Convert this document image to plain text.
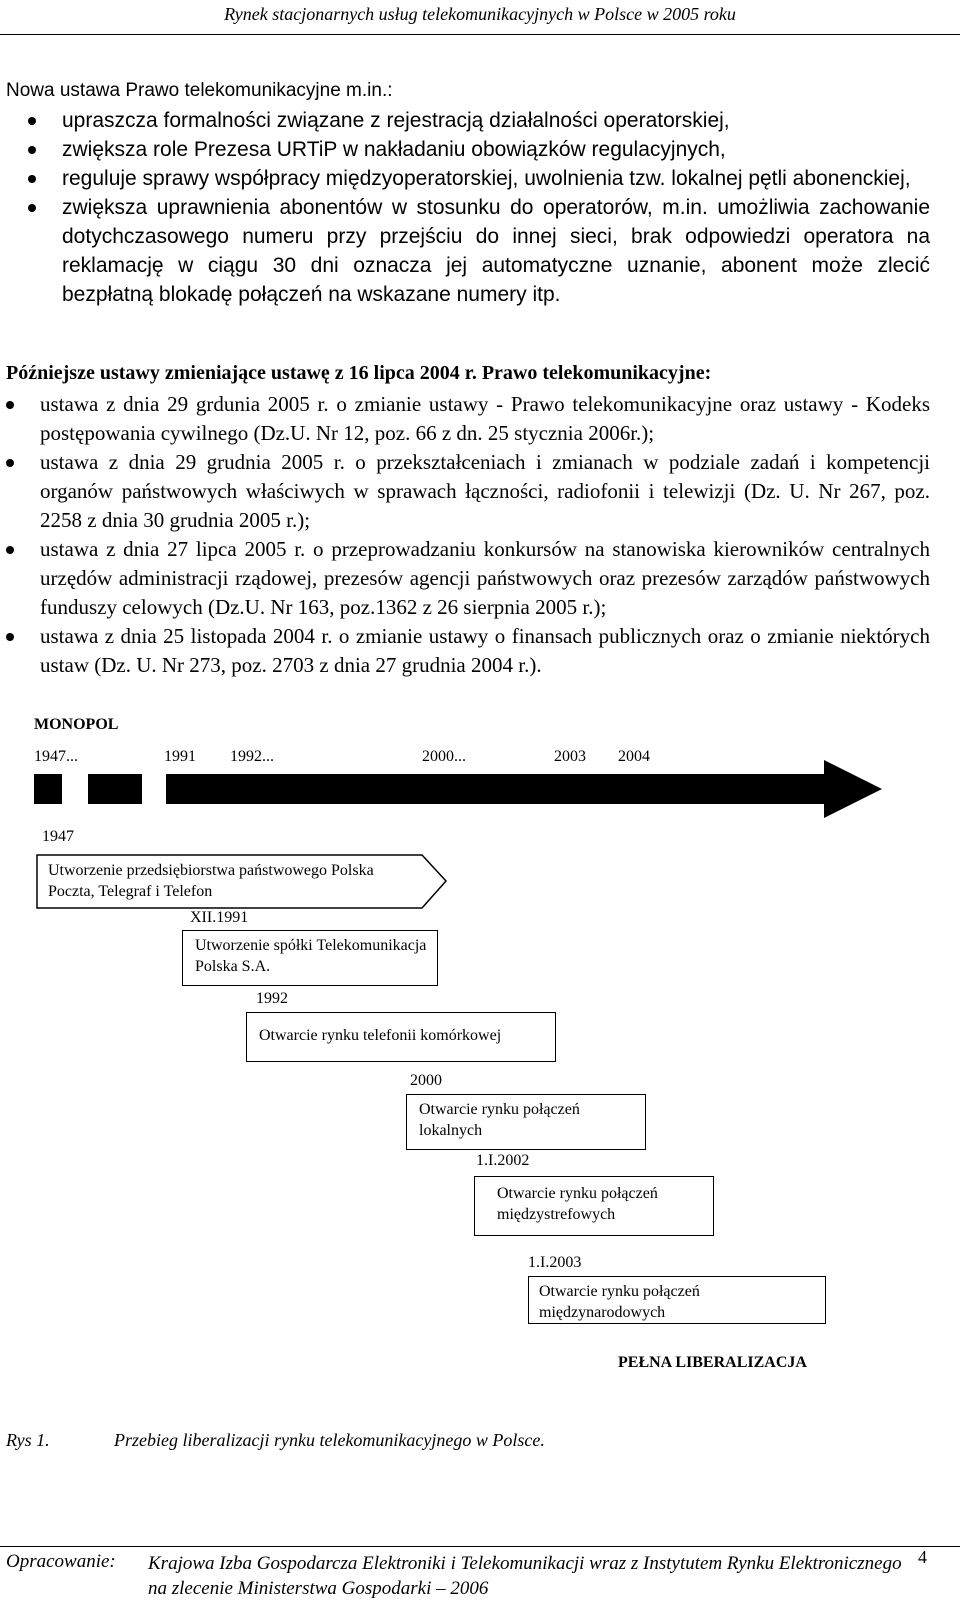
Rynek stacjonarnych usług telekomunikacyjnych w Polsce w 2005 roku
Nowa ustawa Prawo telekomunikacyjne m.in.:
upraszcza formalności związane z rejestracją działalności operatorskiej,
zwiększa role Prezesa URTiP w nakładaniu obowiązków regulacyjnych,
reguluje sprawy współpracy międzyoperatorskiej, uwolnienia tzw. lokalnej pętli abonenckiej,
zwiększa uprawnienia abonentów w stosunku do operatorów, m.in. umożliwia zachowanie dotychczasowego numeru przy przejściu do innej sieci, brak odpowiedzi operatora na reklamację w ciągu 30 dni oznacza jej automatyczne uznanie, abonent może zlecić bezpłatną blokadę połączeń na wskazane numery itp.
Późniejsze ustawy zmieniające ustawę z 16 lipca 2004 r. Prawo telekomunikacyjne:
ustawa z dnia 29 grdunia 2005 r. o zmianie ustawy - Prawo telekomunikacyjne oraz ustawy - Kodeks postępowania cywilnego (Dz.U. Nr 12, poz. 66 z dn. 25 stycznia 2006r.);
ustawa z dnia 29 grudnia 2005 r. o przekształceniach i zmianach w podziale zadań i kompetencji organów państwowych właściwych w sprawach łączności, radiofonii i telewizji (Dz. U. Nr 267, poz. 2258 z dnia 30 grudnia 2005 r.);
ustawa z dnia 27 lipca 2005 r. o przeprowadzaniu konkursów na stanowiska kierowników centralnych urzędów administracji rządowej, prezesów agencji państwowych oraz prezesów zarządów państwowych funduszy celowych (Dz.U. Nr 163, poz.1362 z 26 sierpnia 2005 r.);
ustawa z dnia 25 listopada 2004 r. o zmianie ustawy o finansach publicznych oraz o zmianie niektórych ustaw (Dz. U. Nr 273, poz. 2703 z dnia 27 grudnia 2004 r.).
MONOPOL
1947...	1991 1992...	2000...	2003 2004
1947
Utworzenie przedsiębiorstwa państwowego Polska Poczta, Telegraf i Telefon
XII.1991
Utworzenie spółki Telekomunikacja Polska S.A.
1992
Otwarcie rynku telefonii komórkowej
2000
Otwarcie rynku połączeń lokalnych
1.I.2002
Otwarcie rynku połączeń międzystrefowych
1.I.2003
Otwarcie rynku połączeń międzynarodowych
PEŁNA LIBERALIZACJA
Rys 1.	Przebieg liberalizacji rynku telekomunikacyjnego w Polsce.
Opracowanie: Krajowa Izba Gospodarcza Elektroniki i Telekomunikacji wraz z Instytutem Rynku Elektronicznego na zlecenie Ministerstwa Gospodarki – 2006
4
